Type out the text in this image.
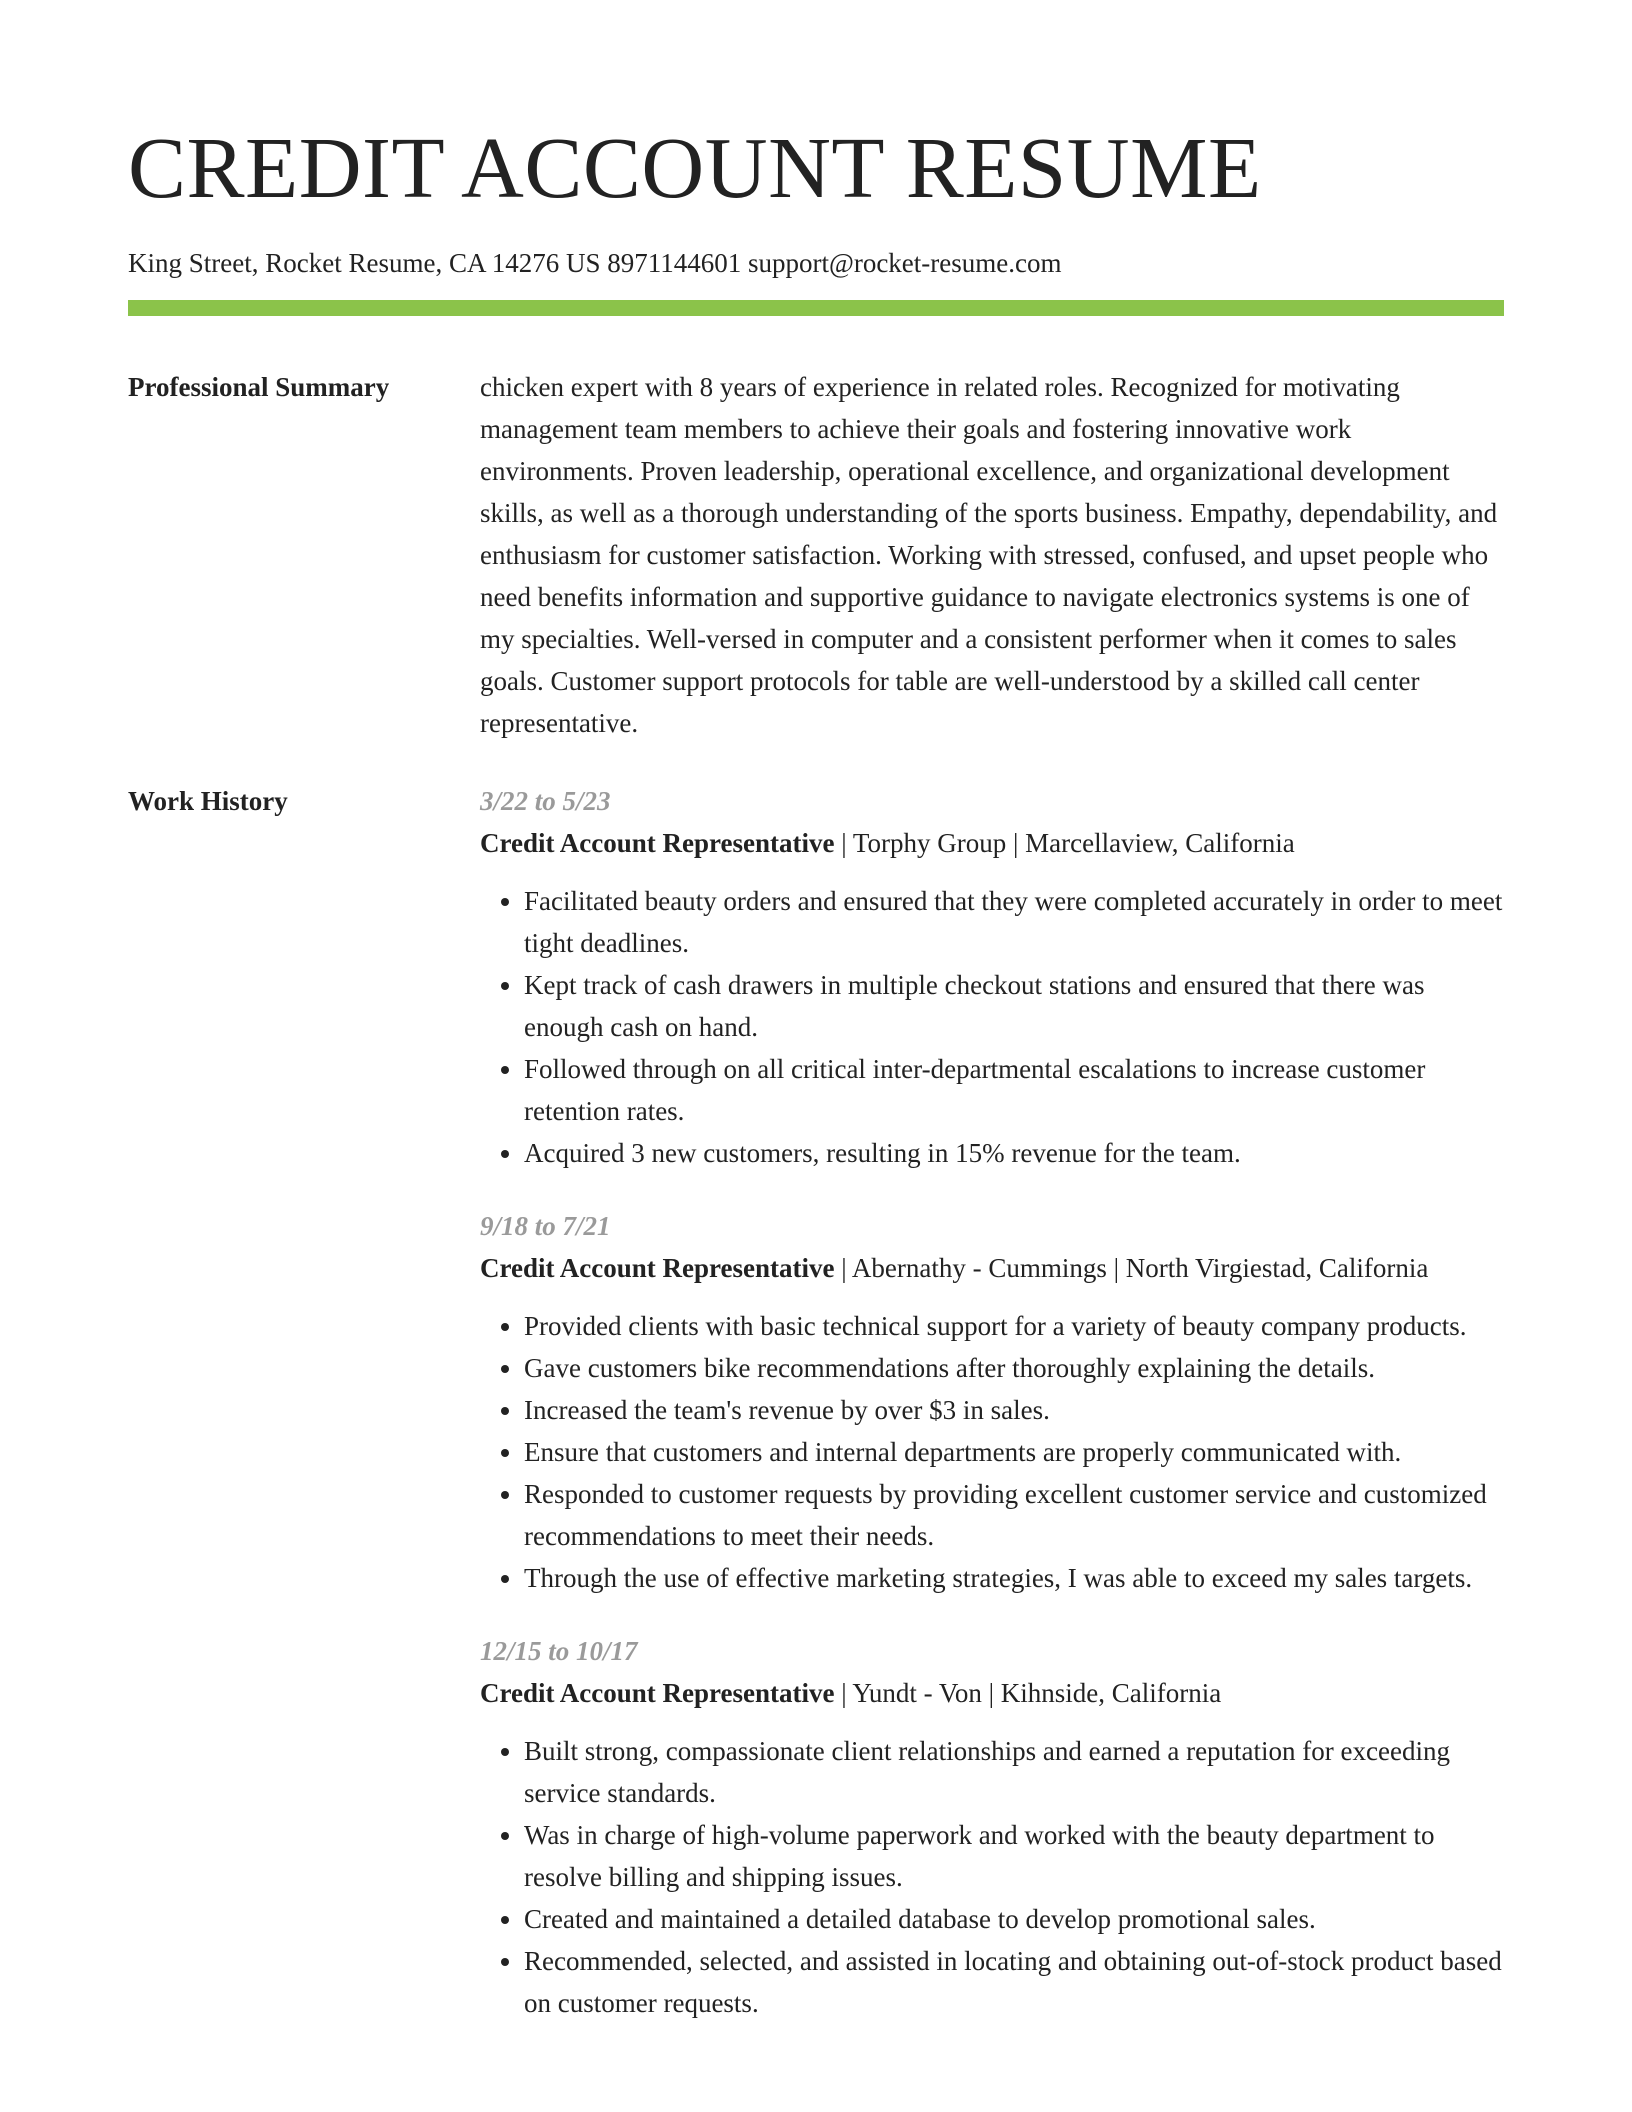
CREDIT ACCOUNT RESUME
King Street, Rocket Resume, CA 14276 US 8971144601 support@rocket-resume.com
Professional Summary	chicken expert with 8 years of experience in related roles. Recognized for motivating management team members to achieve their goals and fostering innovative work environments. Proven leadership, operational excellence, and organizational development skills, as well as a thorough understanding of the sports business. Empathy, dependability, and enthusiasm for customer satisfaction. Working with stressed, confused, and upset people who need benefits information and supportive guidance to navigate electronics systems is one of my specialties. Well-versed in computer and a consistent performer when it comes to sales goals. Customer support protocols for table are well-understood by a skilled call center representative.

Work History	3/22 to 5/23
Credit Account Representative | Torphy Group | Marcellaview, California
• Facilitated beauty orders and ensured that they were completed accurately in order to meet tight deadlines.
• Kept track of cash drawers in multiple checkout stations and ensured that there was enough cash on hand.
• Followed through on all critical inter-departmental escalations to increase customer retention rates.
• Acquired 3 new customers, resulting in 15% revenue for the team.
9/18 to 7/21
Credit Account Representative | Abernathy - Cummings | North Virgiestad, California
• Provided clients with basic technical support for a variety of beauty company products.
• Gave customers bike recommendations after thoroughly explaining the details.
• Increased the team's revenue by over $3 in sales.
• Ensure that customers and internal departments are properly communicated with.
• Responded to customer requests by providing excellent customer service and customized recommendations to meet their needs.
• Through the use of effective marketing strategies, I was able to exceed my sales targets.
12/15 to 10/17
Credit Account Representative | Yundt - Von | Kihnside, California
• Built strong, compassionate client relationships and earned a reputation for exceeding service standards.
• Was in charge of high-volume paperwork and worked with the beauty department to resolve billing and shipping issues.
• Created and maintained a detailed database to develop promotional sales.
• Recommended, selected, and assisted in locating and obtaining out-of-stock product based on customer requests.
